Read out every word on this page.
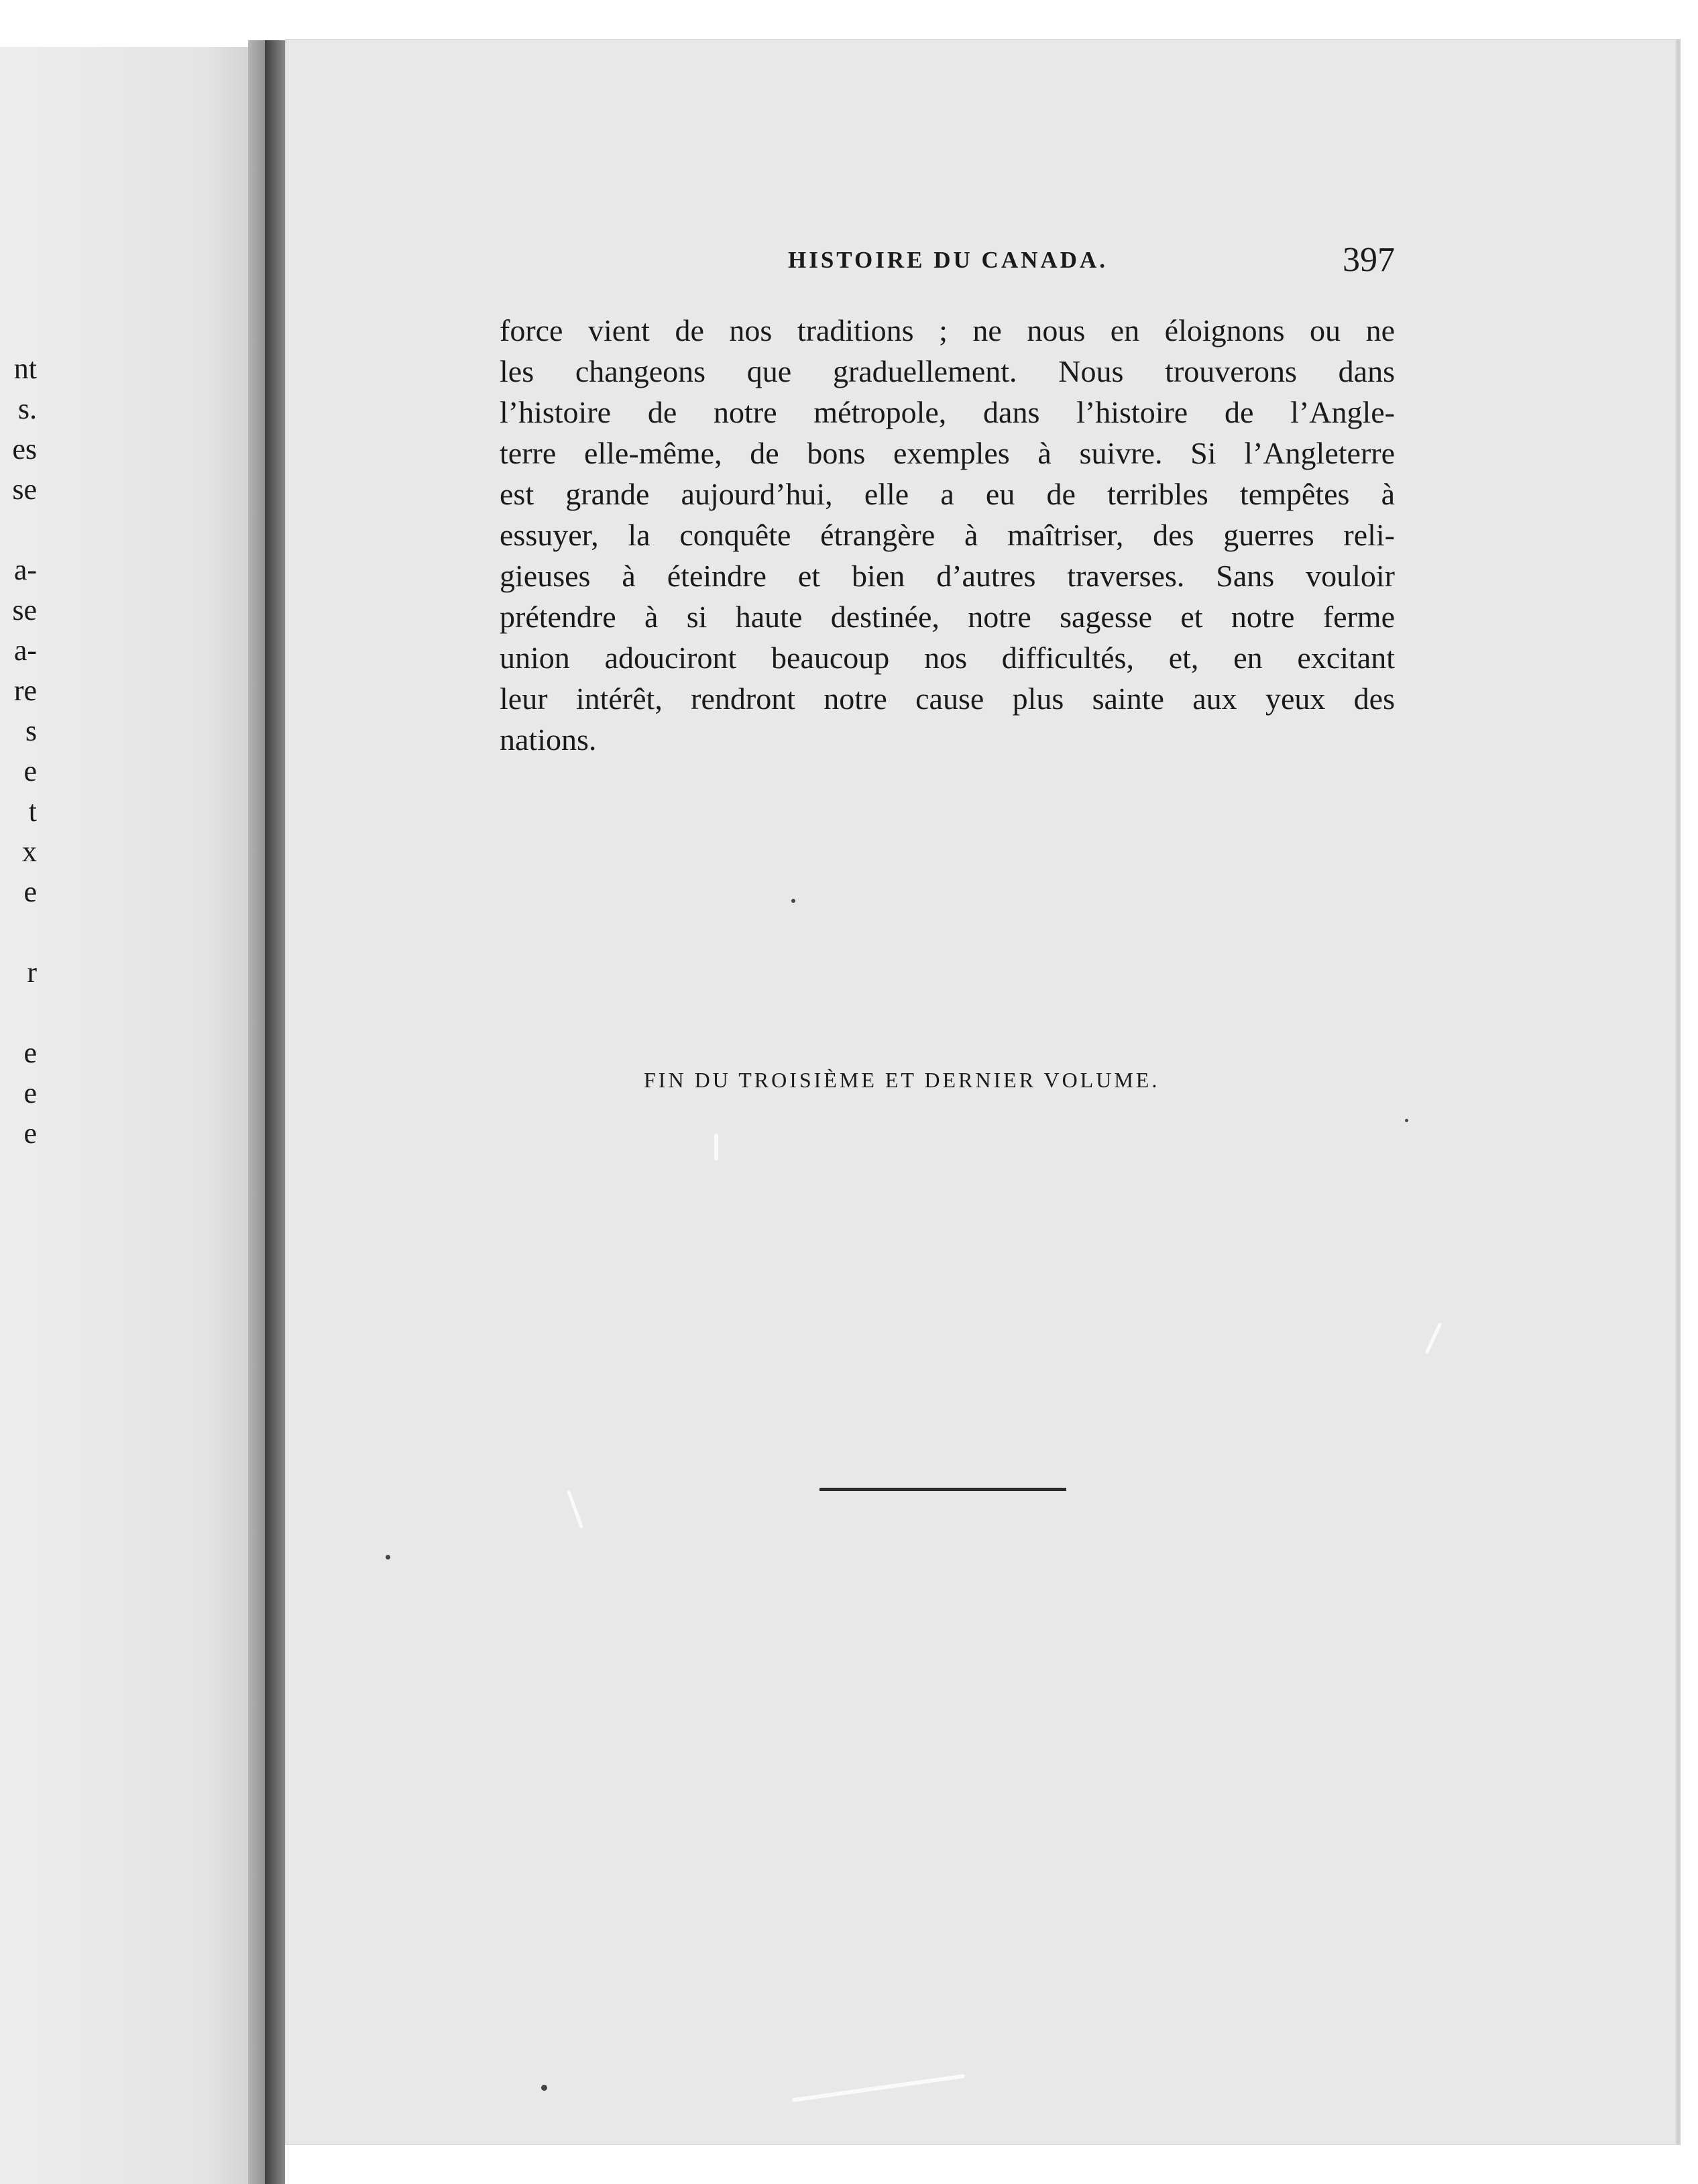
nt
s.
es
se
a-
se
a-
re
s
e
t
x
e
r
e
e
e
HISTOIRE DU CANADA.	397
force vient de nos traditions ; ne nous en éloignons ou ne
les changeons que graduellement. Nous trouverons dans
l’histoire de notre métropole, dans l’histoire de l’Angle-
terre elle-même, de bons exemples à suivre. Si l’Angleterre
est grande aujourd’hui, elle a eu de terribles tempêtes à
essuyer, la conquête étrangère à maîtriser, des guerres reli-
gieuses à éteindre et bien d’autres traverses. Sans vouloir
prétendre à si haute destinée, notre sagesse et notre ferme
union adouciront beaucoup nos difficultés, et, en excitant
leur intérêt, rendront notre cause plus sainte aux yeux des
nations.
FIN DU TROISIÈME ET DERNIER VOLUME.
